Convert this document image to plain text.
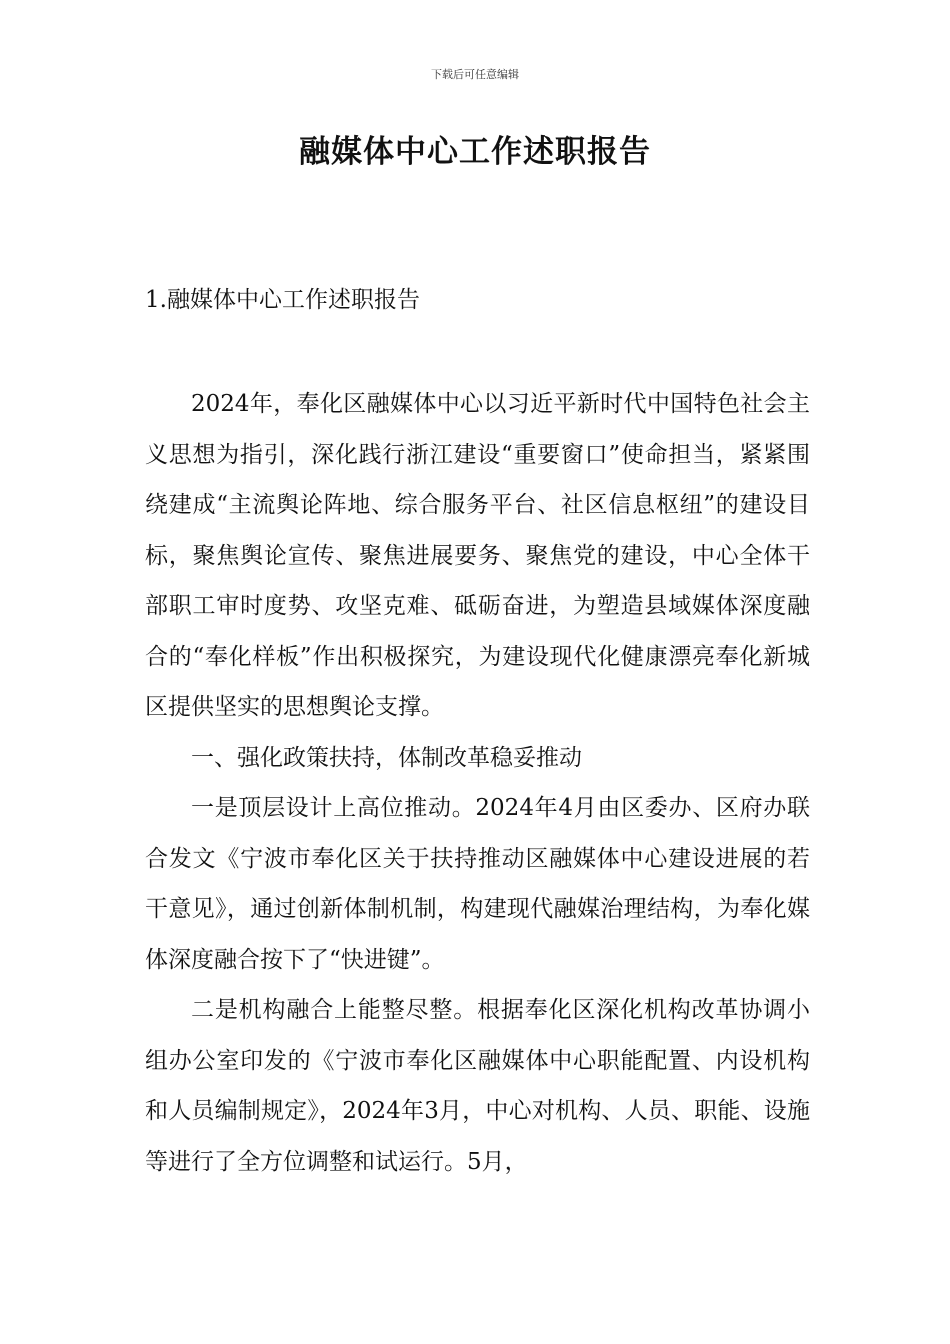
下载后可任意编辑
融媒体中心工作述职报告
1.融媒体中心工作述职报告

2024年，奉化区融媒体中心以习近平新时代中国特色社会主义思想为指引，深化践行浙江建设“重要窗口”使命担当，紧紧围绕建成“主流舆论阵地、综合服务平台、社区信息枢纽”的建设目标，聚焦舆论宣传、聚焦进展要务、聚焦党的建设，中心全体干部职工审时度势、攻坚克难、砥砺奋进，为塑造县域媒体深度融合的“奉化样板”作出积极探究，为建设现代化健康漂亮奉化新城区提供坚实的思想舆论支撑。

一、强化政策扶持，体制改革稳妥推动

一是顶层设计上高位推动。2024年4月由区委办、区府办联合发文《宁波市奉化区关于扶持推动区融媒体中心建设进展的若干意见》，通过创新体制机制，构建现代融媒治理结构，为奉化媒体深度融合按下了“快进键”。

二是机构融合上能整尽整。根据奉化区深化机构改革协调小组办公室印发的《宁波市奉化区融媒体中心职能配置、内设机构和人员编制规定》，2024年3月，中心对机构、人员、职能、设施等进行了全方位调整和试运行。5月，
